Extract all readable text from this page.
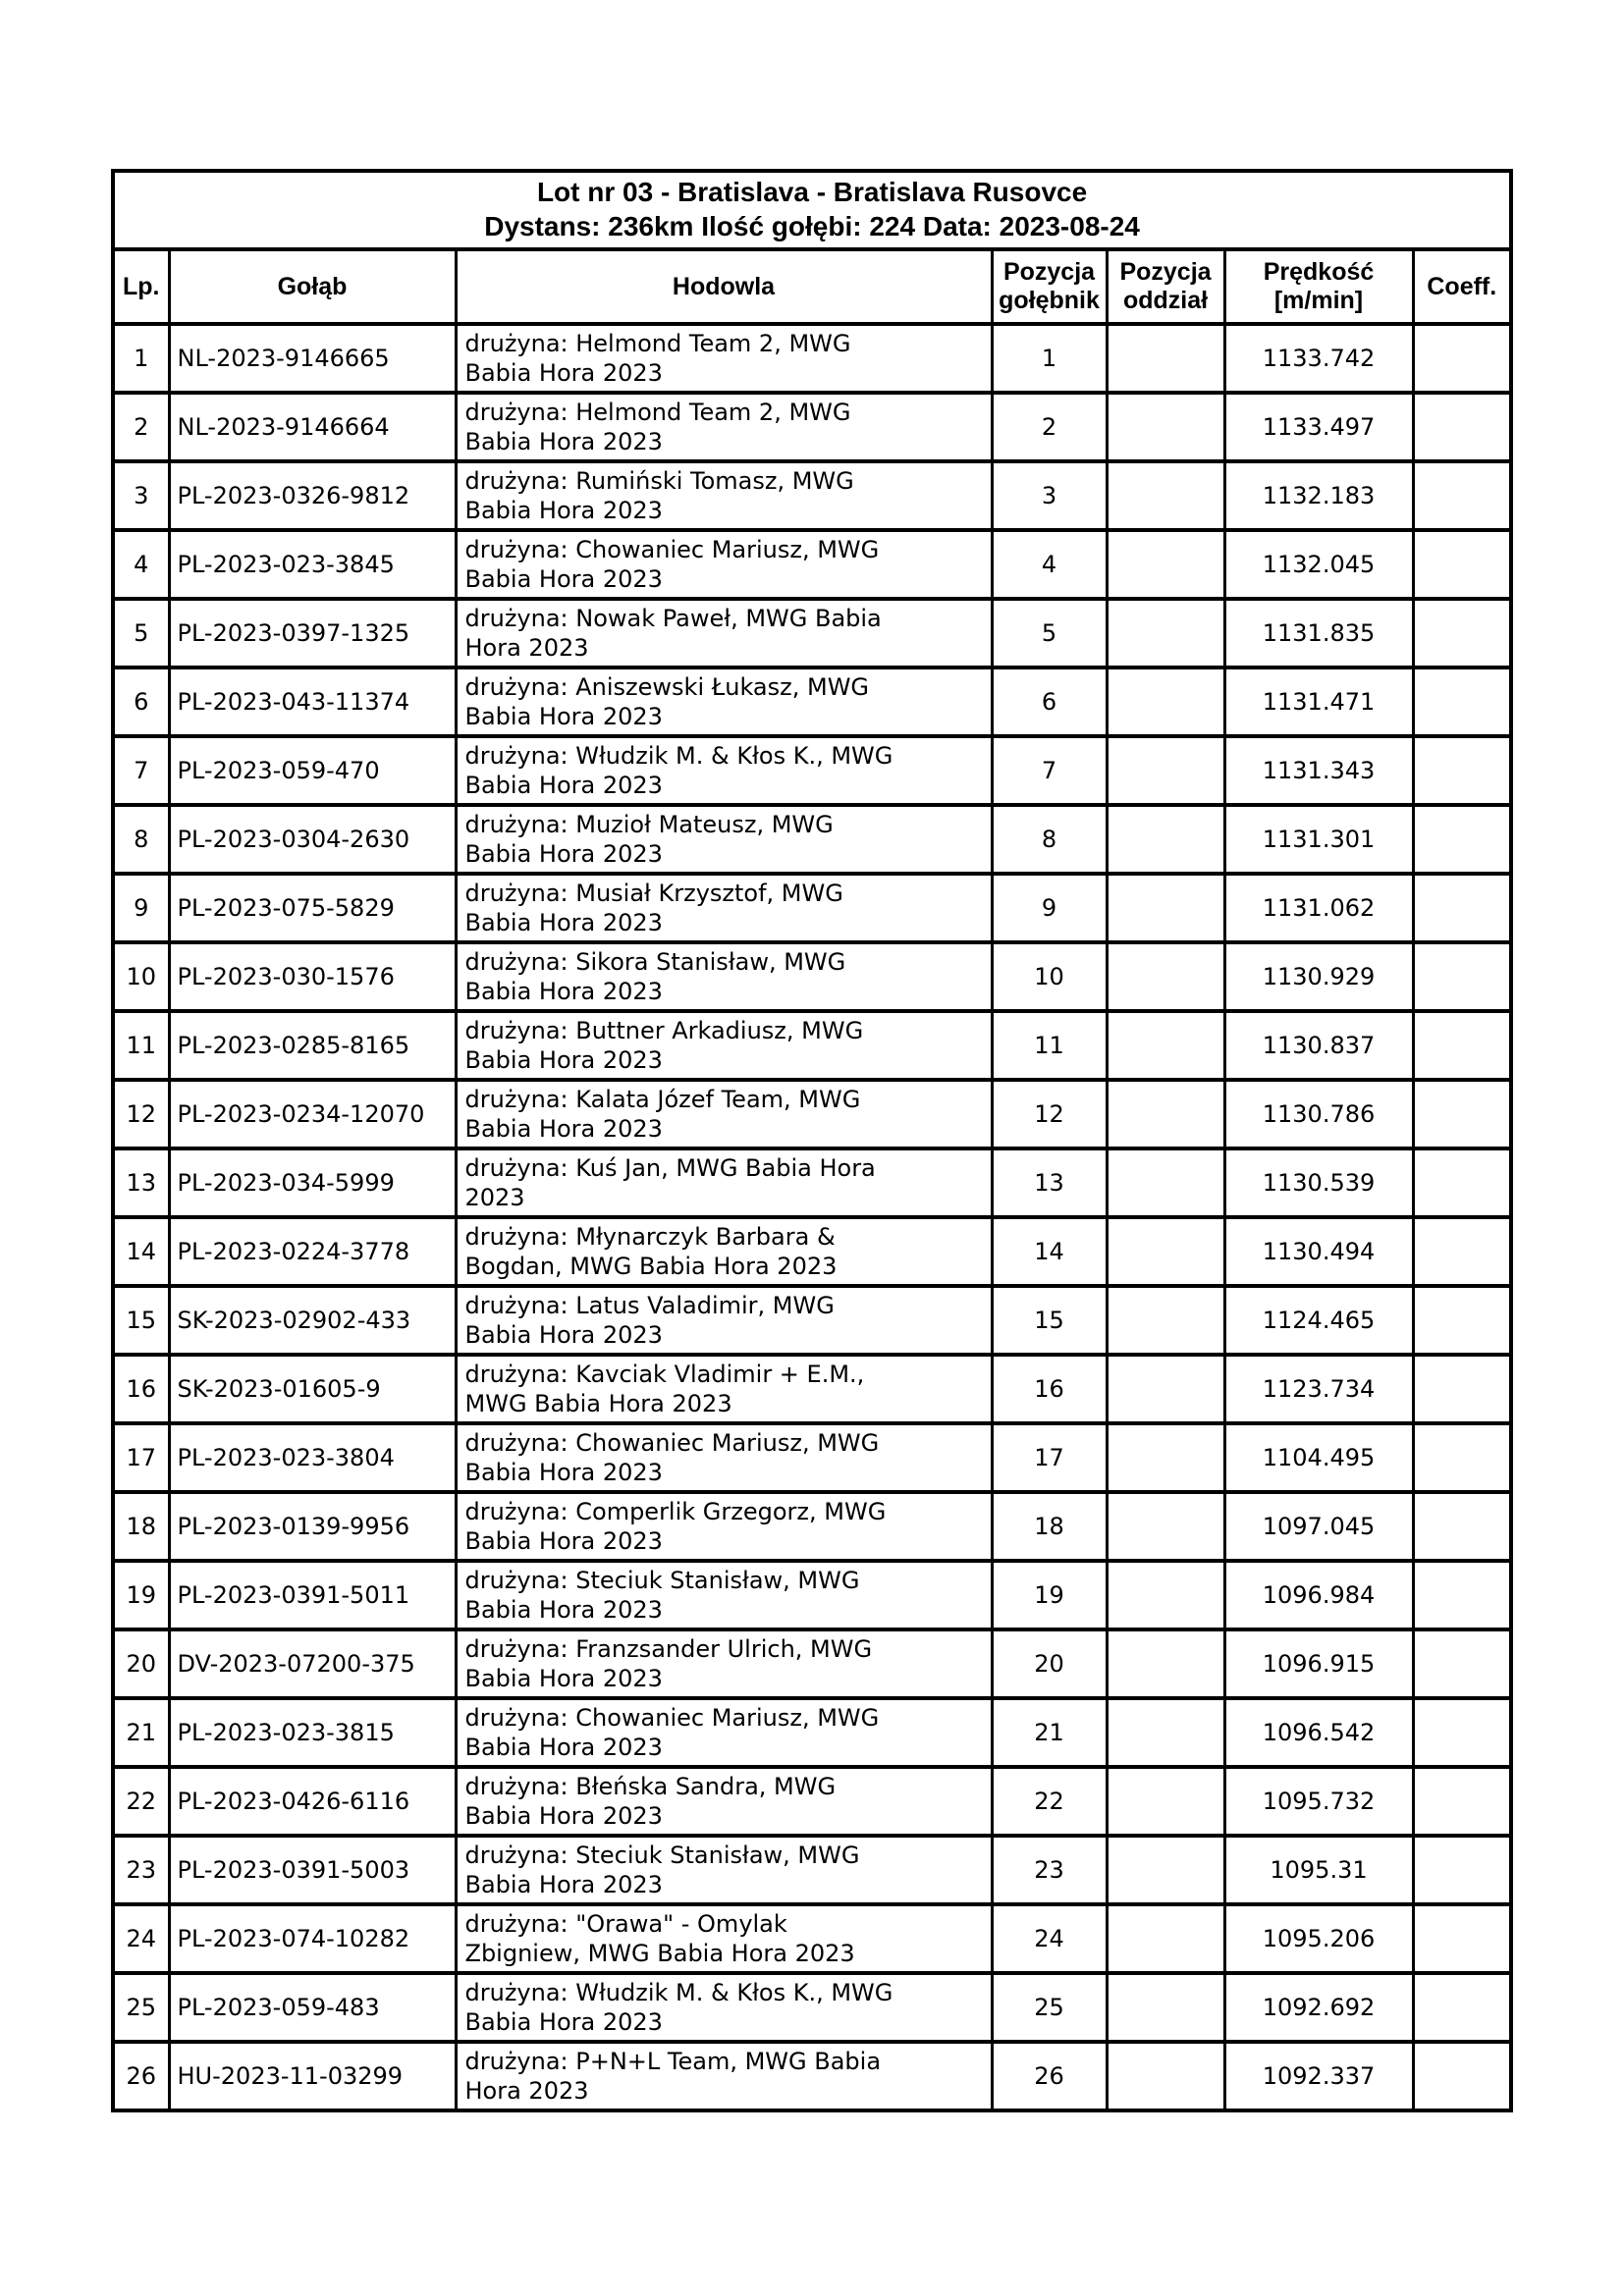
Lot nr 03 - Bratislava - Bratislava Rusovce
Dystans: 236km Ilość gołębi: 224 Data: 2023-08-24						

Lp.	Gołąb	Hodowla	Pozycja gołębnik	Pozycja oddział	Prędkość [m/min]	Coeff.
1	NL-2023-9146665	drużyna: Helmond Team 2, MWG Babia Hora 2023	1		1133.742	
2	NL-2023-9146664	drużyna: Helmond Team 2, MWG Babia Hora 2023	2		1133.497	
3	PL-2023-0326-9812	drużyna: Rumiński Tomasz, MWG Babia Hora 2023	3		1132.183	
4	PL-2023-023-3845	drużyna: Chowaniec Mariusz, MWG Babia Hora 2023	4		1132.045	
5	PL-2023-0397-1325	drużyna: Nowak Paweł, MWG Babia Hora 2023	5		1131.835	
6	PL-2023-043-11374	drużyna: Aniszewski Łukasz, MWG Babia Hora 2023	6		1131.471	
7	PL-2023-059-470	drużyna: Włudzik M. & Kłos K., MWG Babia Hora 2023	7		1131.343	
8	PL-2023-0304-2630	drużyna: Muzioł Mateusz, MWG Babia Hora 2023	8		1131.301	
9	PL-2023-075-5829	drużyna: Musiał Krzysztof, MWG Babia Hora 2023	9		1131.062	
10	PL-2023-030-1576	drużyna: Sikora Stanisław, MWG Babia Hora 2023	10		1130.929	
11	PL-2023-0285-8165	drużyna: Buttner Arkadiusz, MWG Babia Hora 2023	11		1130.837	
12	PL-2023-0234-12070	drużyna: Kalata Józef Team, MWG Babia Hora 2023	12		1130.786	
13	PL-2023-034-5999	drużyna: Kuś Jan, MWG Babia Hora 2023	13		1130.539	
14	PL-2023-0224-3778	drużyna: Młynarczyk Barbara & Bogdan, MWG Babia Hora 2023	14		1130.494	
15	SK-2023-02902-433	drużyna: Latus Valadimir, MWG Babia Hora 2023	15		1124.465	
16	SK-2023-01605-9	drużyna: Kavciak Vladimir + E.M., MWG Babia Hora 2023	16		1123.734	
17	PL-2023-023-3804	drużyna: Chowaniec Mariusz, MWG Babia Hora 2023	17		1104.495	
18	PL-2023-0139-9956	drużyna: Comperlik Grzegorz, MWG Babia Hora 2023	18		1097.045	
19	PL-2023-0391-5011	drużyna: Steciuk Stanisław, MWG Babia Hora 2023	19		1096.984	
20	DV-2023-07200-375	drużyna: Franzsander Ulrich, MWG Babia Hora 2023	20		1096.915	
21	PL-2023-023-3815	drużyna: Chowaniec Mariusz, MWG Babia Hora 2023	21		1096.542	
22	PL-2023-0426-6116	drużyna: Błeńska Sandra, MWG Babia Hora 2023	22		1095.732	
23	PL-2023-0391-5003	drużyna: Steciuk Stanisław, MWG Babia Hora 2023	23		1095.31	
24	PL-2023-074-10282	drużyna: "Orawa" - Omylak Zbigniew, MWG Babia Hora 2023	24		1095.206	
25	PL-2023-059-483	drużyna: Włudzik M. & Kłos K., MWG Babia Hora 2023	25		1092.692	
26	HU-2023-11-03299	drużyna: P+N+L Team, MWG Babia Hora 2023	26		1092.337	
